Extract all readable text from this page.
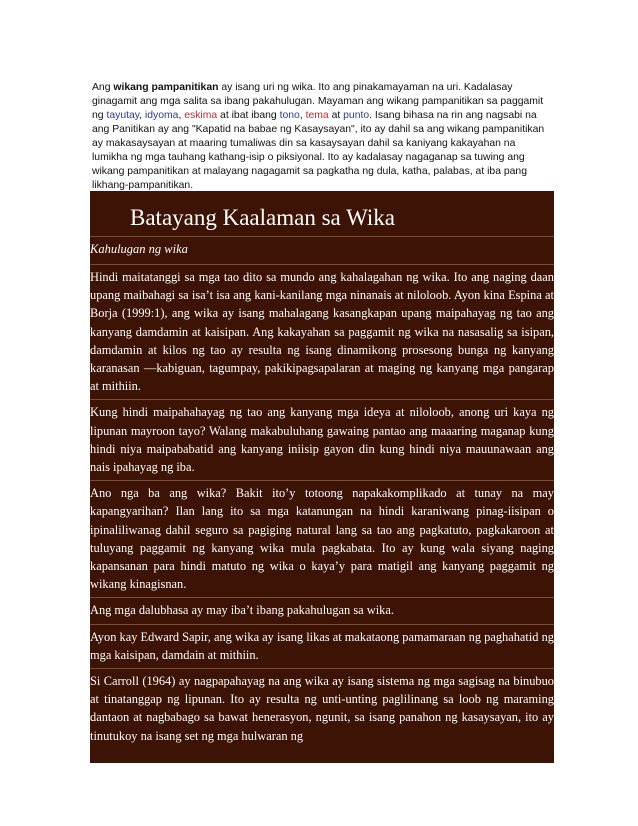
Ang wikang pampanitikan ay isang uri ng wika. Ito ang pinakamayaman na uri. Kadalasay ginagamit ang mga salita sa ibang pakahulugan. Mayaman ang wikang pampanitikan sa paggamit ng tayutay, idyoma, eskima at ibat ibang tono, tema at punto. Isang bihasa na rin ang nagsabi na ang Panitikan ay ang "Kapatid na babae ng Kasaysayan", ito ay dahil sa ang wikang pampanitikan ay makasaysayan at maaring tumaliwas din sa kasaysayan dahil sa kaniyang kakayahan na lumikha ng mga tauhang kathang-isip o piksiyonal. Ito ay kadalasay nagaganap sa tuwing ang wikang pampanitikan at malayang nagagamit sa pagkatha ng dula, katha, palabas, at iba pang likhang-pampanitikan.
Batayang Kaalaman sa Wika

Kahulugan ng wika

Hindi maitatanggi sa mga tao dito sa mundo ang kahalagahan ng wika. Ito ang naging daan upang maibahagi sa isa’t isa ang kani-kanilang mga ninanais at niloloob. Ayon kina Espina at Borja (1999:1), ang wika ay isang mahalagang kasangkapan upang maipahayag ng tao ang kanyang damdamin at kaisipan. Ang kakayahan sa paggamit ng wika na nasasalig sa isipan, damdamin at kilos ng tao ay resulta ng isang dinamikong prosesong bunga ng kanyang karanasan —kabiguan, tagumpay, pakikipagsapalaran at maging ng kanyang mga pangarap at mithiin.

Kung hindi maipahahayag ng tao ang kanyang mga ideya at niloloob, anong uri kaya ng lipunan mayroon tayo? Walang makabuluhang gawaing pantao ang maaaring maganap kung hindi niya maipababatid ang kanyang iniisip gayon din kung hindi niya mauunawaan ang nais ipahayag ng iba.

Ano nga ba ang wika? Bakit ito’y totoong napakakomplikado at tunay na may kapangyarihan? Ilan lang ito sa mga katanungan na hindi karaniwang pinag-iisipan o ipinaliliwanag dahil seguro sa pagiging natural lang sa tao ang pagkatuto, pagkakaroon at tuluyang paggamit ng kanyang wika mula pagkabata. Ito ay kung wala siyang naging kapansanan para hindi matuto ng wika o kaya’y para matigil ang kanyang paggamit ng wikang kinagisnan.

Ang mga dalubhasa ay may iba’t ibang pakahulugan sa wika.

Ayon kay Edward Sapir, ang wika ay isang likas at makataong pamamaraan ng paghahatid ng mga kaisipan, damdain at mithiin.

Si Carroll (1964) ay nagpapahayag na ang wika ay isang sistema ng mga sagisag na binubuo at tinatanggap ng lipunan. Ito ay resulta ng unti-unting paglilinang sa loob ng maraming dantaon at nagbabago sa bawat henerasyon, ngunit, sa isang panahon ng kasaysayan, ito ay tinutukoy na isang set ng mga hulwaran ng
